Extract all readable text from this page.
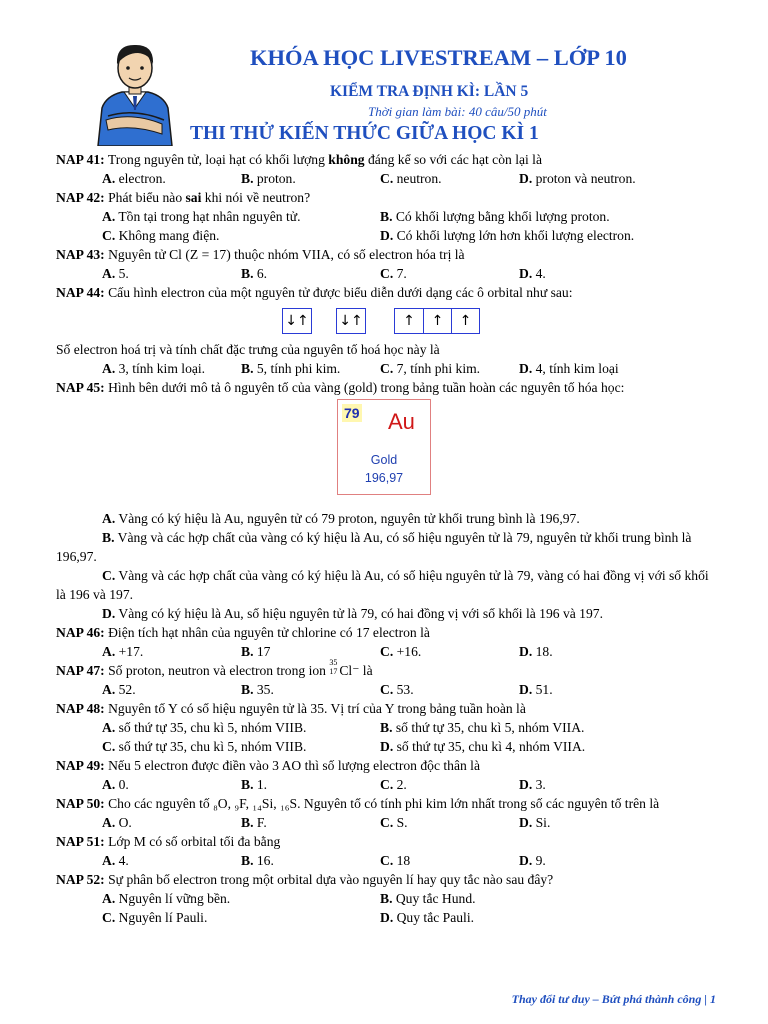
KHÓA HỌC LIVESTREAM – LỚP 10
KIỂM TRA ĐỊNH KÌ: LẦN 5
Thời gian làm bài: 40 câu/50 phút
THI THỬ KIẾN THỨC GIỮA HỌC KÌ 1

NAP 41: Trong nguyên tử, loại hạt có khối lượng không đáng kể so với các hạt còn lại là

A. electron.	B. proton.	C. neutron.	D. proton và neutron.

NAP 42: Phát biểu nào sai khi nói về neutron?

A. Tồn tại trong hạt nhân nguyên tử.	B. Có khối lượng bằng khối lượng proton.
C. Không mang điện.	D. Có khối lượng lớn hơn khối lượng electron.

NAP 43: Nguyên tử Cl (Z = 17) thuộc nhóm VIIA, có số electron hóa trị là

A. 5.	B. 6.	C. 7.	D. 4.

NAP 44: Cấu hình electron của một nguyên tử được biểu diễn dưới dạng các ô orbital như sau:

↓↑ ↓↑	↑ ↑ ↑

Số electron hoá trị và tính chất đặc trưng của nguyên tố hoá học này là

A. 3, tính kim loại.	B. 5, tính phi kim.	C. 7, tính phi kim.	D. 4, tính kim loại

NAP 45: Hình bên dưới mô tả ô nguyên tố của vàng (gold) trong bảng tuần hoàn các nguyên tố hóa học:

79 Au
Gold
196,97

A. Vàng có ký hiệu là Au, nguyên tử có 79 proton, nguyên tử khối trung bình là 196,97.

B. Vàng và các hợp chất của vàng có ký hiệu là Au, có số hiệu nguyên tử là 79, nguyên tử khối trung bình là 196,97.

C. Vàng và các hợp chất của vàng có ký hiệu là Au, có số hiệu nguyên tử là 79, vàng có hai đồng vị với số khối là 196 và 197.

D. Vàng có ký hiệu là Au, số hiệu nguyên tử là 79, có hai đồng vị với số khối là 196 và 197.

NAP 46: Điện tích hạt nhân của nguyên tử chlorine có 17 electron là

A. +17.	B. 17	C. +16.	D. 18.

NAP 47: Số proton, neutron và electron trong ion
35
17 Cl⁻ là

A. 52.	B. 35.	C. 53.	D. 51.

NAP 48: Nguyên tố Y có số hiệu nguyên tử là 35. Vị trí của Y trong bảng tuần hoàn là

A. số thứ tự 35, chu kì 5, nhóm VIIB.	B. số thứ tự 35, chu kì 5, nhóm VIIA.
C. số thứ tự 35, chu kì 5, nhóm VIIB.	D. số thứ tự 35, chu kì 4, nhóm VIIA.

NAP 49: Nếu 5 electron được điền vào 3 AO thì số lượng electron độc thân là

A. 0.	B. 1.	C. 2.	D. 3.

NAP 50: Cho các nguyên tố ₈O, ₉F, ₁₄Si, ₁₆S. Nguyên tố có tính phi kim lớn nhất trong số các nguyên tố trên là

A. O.	B. F.	C. S.	D. Si.

NAP 51: Lớp M có số orbital tối đa bằng

A. 4.	B. 16.	C. 18	D. 9.

NAP 52: Sự phân bố electron trong một orbital dựa vào nguyên lí hay quy tắc nào sau đây?

A. Nguyên lí vững bền.	B. Quy tắc Hund.
C. Nguyên lí Pauli.	D. Quy tắc Pauli.
Thay đổi tư duy – Bứt phá thành công | 1
